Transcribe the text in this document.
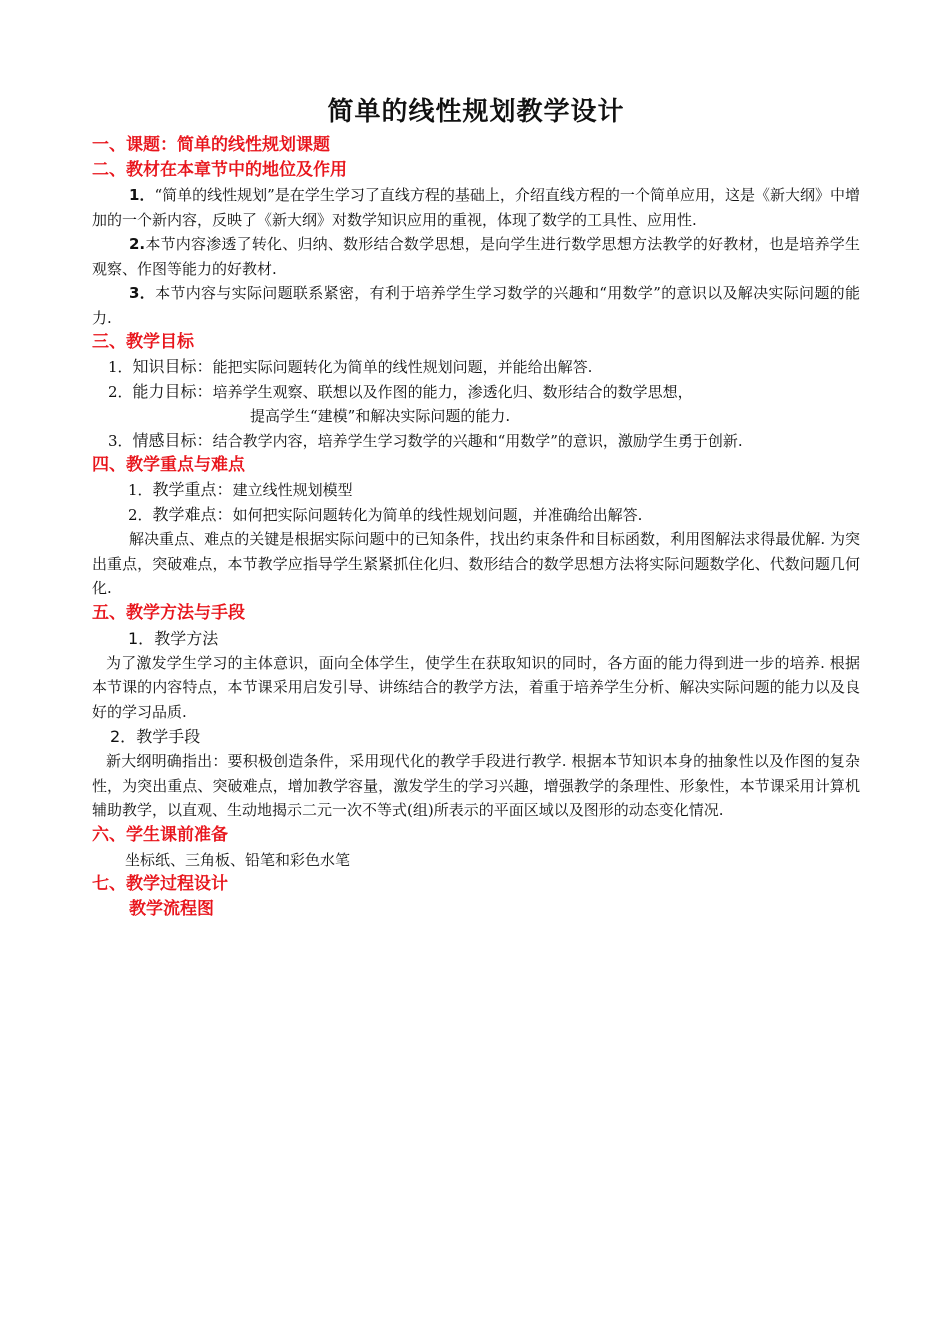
简单的线性规划教学设计
一、课题：简单的线性规划课题
二、教材在本章节中的地位及作用

1．“简单的线性规划”是在学生学习了直线方程的基础上，介绍直线方程的一个简单应用，这是《新大纲》中增加的一个新内容，反映了《新大纲》对数学知识应用的重视，体现了数学的工具性、应用性.

2.本节内容渗透了转化、归纳、数形结合数学思想，是向学生进行数学思想方法教学的好教材，也是培养学生观察、作图等能力的好教材.

3．本节内容与实际问题联系紧密，有利于培养学生学习数学的兴趣和“用数学”的意识以及解决实际问题的能力.

三、教学目标

1．知识目标：能把实际问题转化为简单的线性规划问题，并能给出解答.

2．能力目标：培养学生观察、联想以及作图的能力，渗透化归、数形结合的数学思想，

提高学生“建模”和解决实际问题的能力.

3．情感目标：结合教学内容，培养学生学习数学的兴趣和“用数学”的意识，激励学生勇于创新.

四、教学重点与难点

1．教学重点：建立线性规划模型

2．教学难点：如何把实际问题转化为简单的线性规划问题，并准确给出解答.

解决重点、难点的关键是根据实际问题中的已知条件，找出约束条件和目标函数，利用图解法求得最优解. 为突出重点，突破难点，本节教学应指导学生紧紧抓住化归、数形结合的数学思想方法将实际问题数学化、代数问题几何化.

五、教学方法与手段

1．教学方法

为了激发学生学习的主体意识，面向全体学生，使学生在获取知识的同时，各方面的能力得到进一步的培养. 根据本节课的内容特点，本节课采用启发引导、讲练结合的教学方法，着重于培养学生分析、解决实际问题的能力以及良好的学习品质.

2．教学手段

新大纲明确指出：要积极创造条件，采用现代化的教学手段进行教学. 根据本节知识本身的抽象性以及作图的复杂性，为突出重点、突破难点，增加教学容量，激发学生的学习兴趣，增强教学的条理性、形象性，本节课采用计算机辅助教学，以直观、生动地揭示二元一次不等式(组)所表示的平面区域以及图形的动态变化情况.

六、学生课前准备

坐标纸、三角板、铅笔和彩色水笔

七、教学过程设计

教学流程图
